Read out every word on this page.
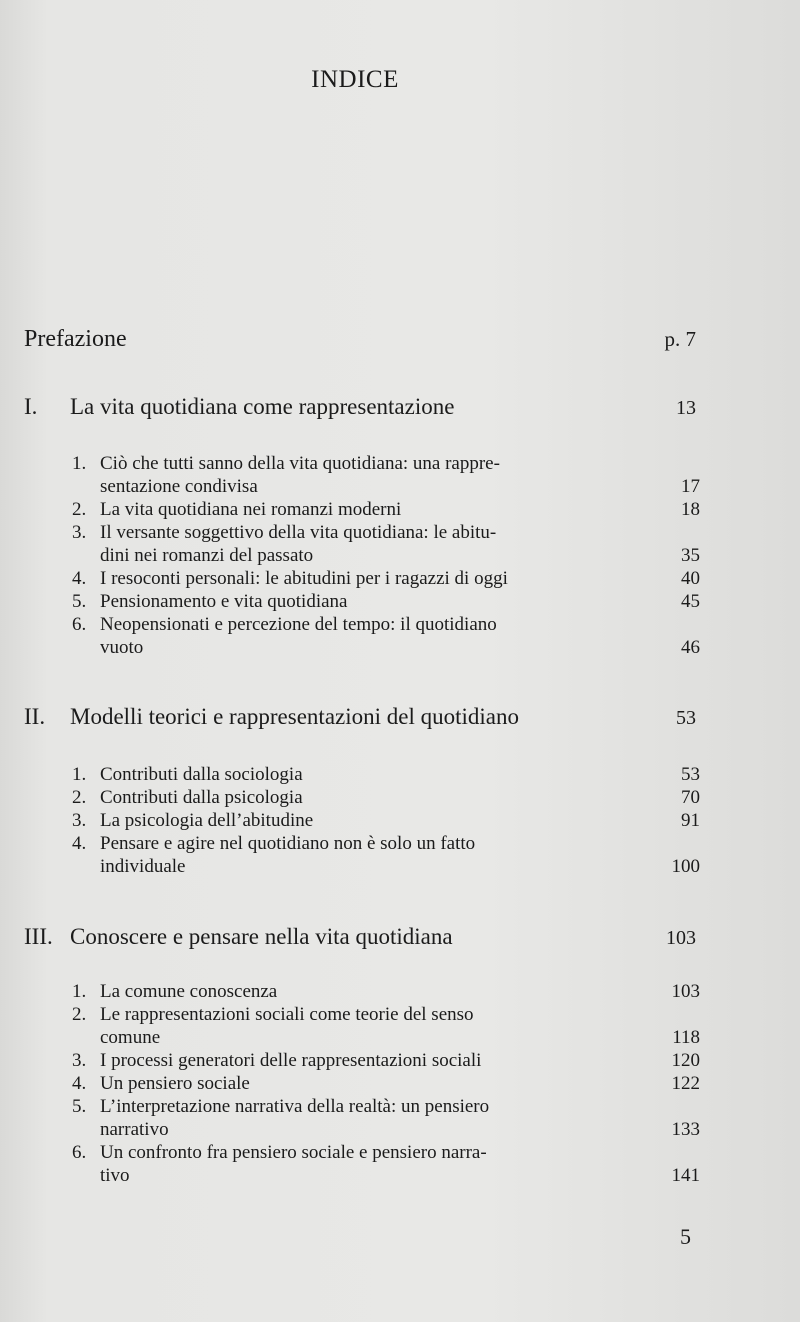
INDICE
Prefazione	p. 7
I. La vita quotidiana come rappresentazione	13
1. Ciò che tutti sanno della vita quotidiana: una rappre-
sentazione condivisa	17
2. La vita quotidiana nei romanzi moderni	18
3. Il versante soggettivo della vita quotidiana: le abitu-
dini nei romanzi del passato	35
4. I resoconti personali: le abitudini per i ragazzi di oggi	40
5. Pensionamento e vita quotidiana	45
6. Neopensionati e percezione del tempo: il quotidiano
vuoto	46
II. Modelli teorici e rappresentazioni del quotidiano	53
1. Contributi dalla sociologia	53
2. Contributi dalla psicologia	70
3. La psicologia dell’abitudine	91
4. Pensare e agire nel quotidiano non è solo un fatto
individuale	100
III. Conoscere e pensare nella vita quotidiana	103
1. La comune conoscenza	103
2. Le rappresentazioni sociali come teorie del senso
comune	118
3. I processi generatori delle rappresentazioni sociali	120
4. Un pensiero sociale	122
5. L’interpretazione narrativa della realtà: un pensiero
narrativo	133
6. Un confronto fra pensiero sociale e pensiero narra-
tivo	141
5
